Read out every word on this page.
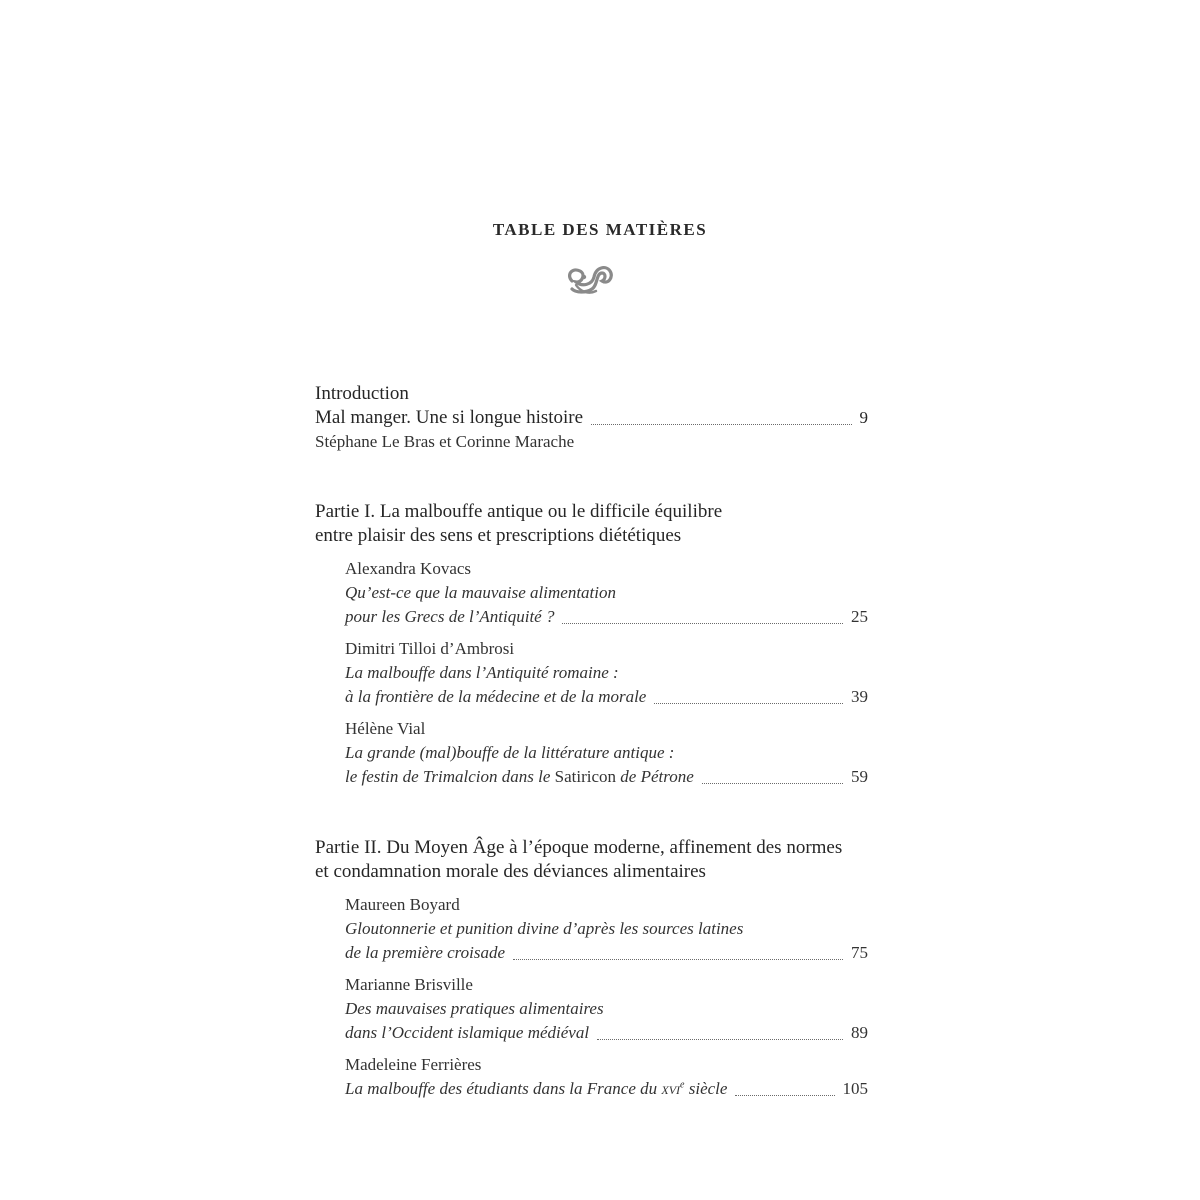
TABLE DES MATIÈRES
Introduction
Mal manger. Une si longue histoire	9
Stéphane Le Bras et Corinne Marache
Partie I. La malbouffe antique ou le difficile équilibre
entre plaisir des sens et prescriptions diététiques
Alexandra Kovacs
Qu’est-ce que la mauvaise alimentation
pour les Grecs de l’Antiquité ?	25
Dimitri Tilloi d’Ambrosi
La malbouffe dans l’Antiquité romaine :
à la frontière de la médecine et de la morale	39
Hélène Vial
La grande (mal)bouffe de la littérature antique :
le festin de Trimalcion dans le Satiricon de Pétrone	59
Partie II. Du Moyen Âge à l’époque moderne, affinement des normes
et condamnation morale des déviances alimentaires
Maureen Boyard
Gloutonnerie et punition divine d’après les sources latines
de la première croisade	75
Marianne Brisville
Des mauvaises pratiques alimentaires
dans l’Occident islamique médiéval	89
Madeleine Ferrières
La malbouffe des étudiants dans la France du xvi$^e$ siècle	105
